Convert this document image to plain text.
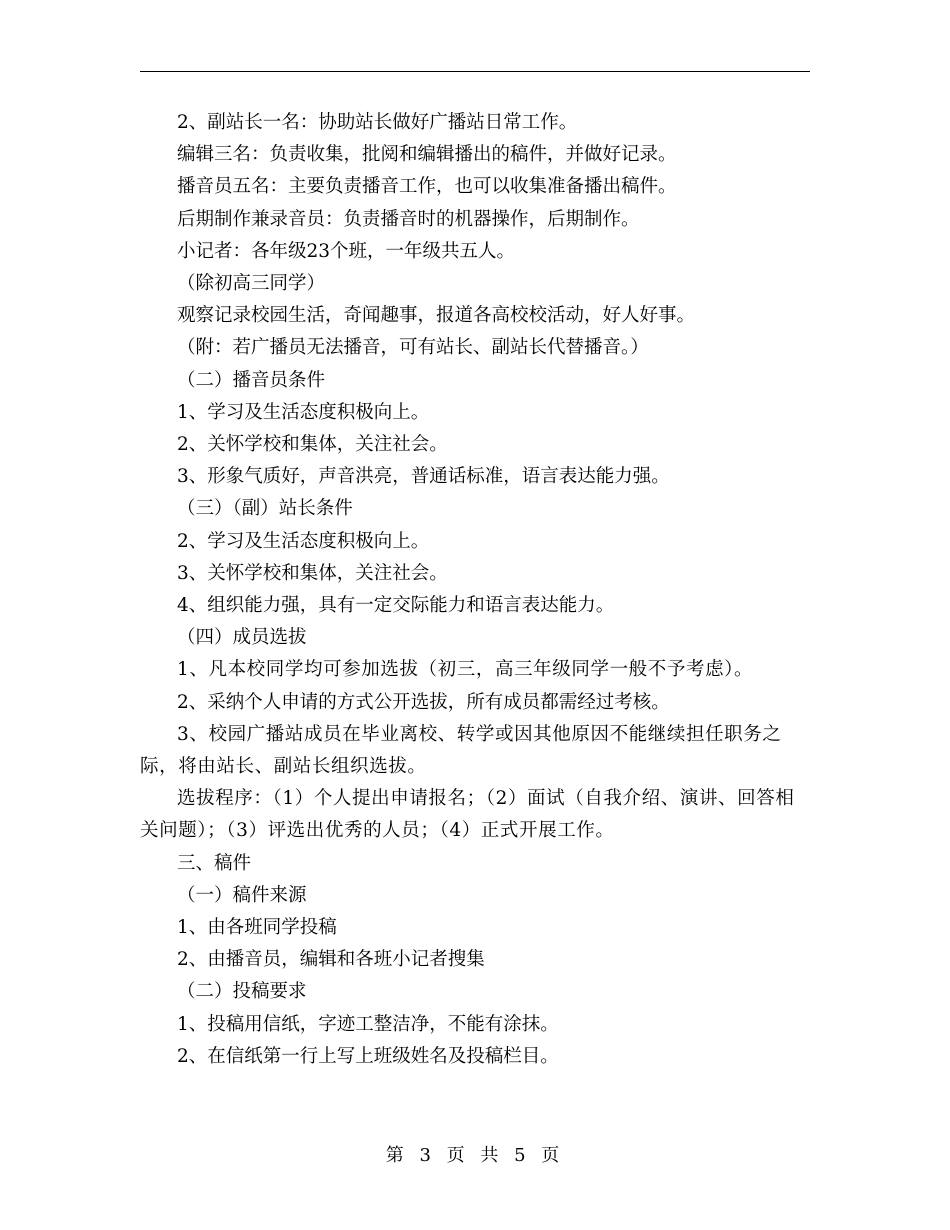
2、副站长一名：协助站长做好广播站日常工作。

编辑三名：负责收集，批阅和编辑播出的稿件，并做好记录。

播音员五名：主要负责播音工作，也可以收集准备播出稿件。

后期制作兼录音员：负责播音时的机器操作，后期制作。

小记者：各年级23个班，一年级共五人。

（除初高三同学）

观察记录校园生活，奇闻趣事，报道各高校校活动，好人好事。

（附：若广播员无法播音，可有站长、副站长代替播音。）

（二）播音员条件

1、学习及生活态度积极向上。

2、关怀学校和集体，关注社会。

3、形象气质好，声音洪亮，普通话标准，语言表达能力强。

（三）（副）站长条件

2、学习及生活态度积极向上。

3、关怀学校和集体，关注社会。

4、组织能力强，具有一定交际能力和语言表达能力。

（四）成员选拔

1、凡本校同学均可参加选拔（初三，高三年级同学一般不予考虑）。

2、采纳个人申请的方式公开选拔，所有成员都需经过考核。

3、校园广播站成员在毕业离校、转学或因其他原因不能继续担任职务之际，将由站长、副站长组织选拔。

选拔程序：（1）个人提出申请报名；（2）面试（自我介绍、演讲、回答相关问题）；（3）评选出优秀的人员；（4）正式开展工作。

三、稿件

（一）稿件来源

1、由各班同学投稿

2、由播音员，编辑和各班小记者搜集

（二）投稿要求

1、投稿用信纸，字迹工整洁净，不能有涂抹。

2、在信纸第一行上写上班级姓名及投稿栏目。

第 3 页 共 5 页
